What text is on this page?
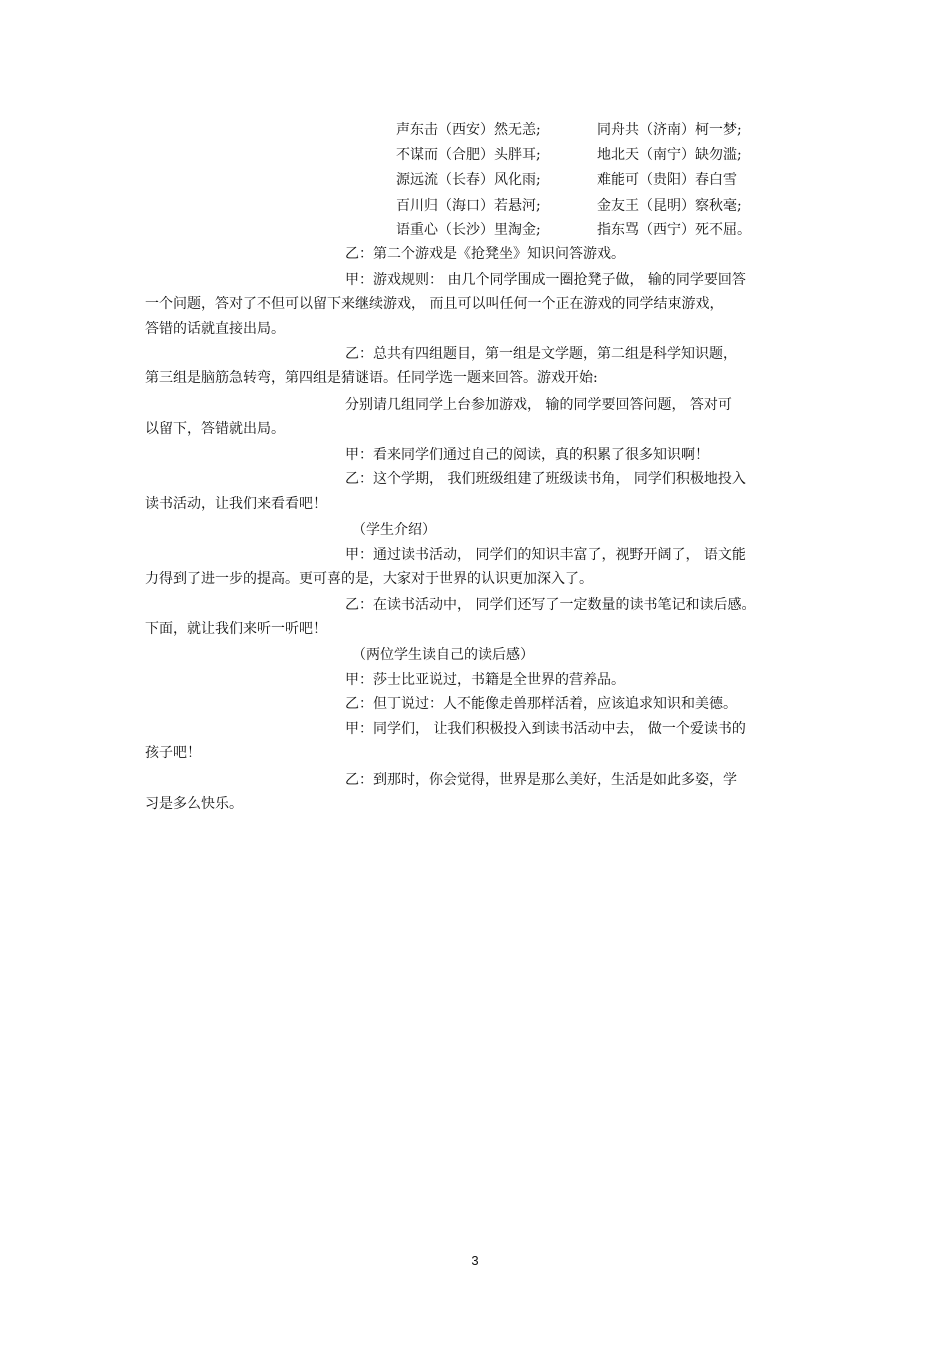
声东击（西安）然无恙;	同舟共（济南）柯一梦;
不谋而（合肥）头胖耳;	地北天（南宁）缺勿滥;
源远流（长春）风化雨;	难能可（贵阳）春白雪
百川归（海口）若悬河;	金友王（昆明）察秋毫;
语重心（长沙）里淘金;	指东骂（西宁）死不屈。
乙：第二个游戏是《抢凳坐》知识问答游戏。
甲：游戏规则： 由几个同学围成一圈抢凳子做， 输的同学要回答
一个问题，答对了不但可以留下来继续游戏， 而且可以叫任何一个正在游戏的同学结束游戏，
答错的话就直接出局。
乙：总共有四组题目，第一组是文学题，第二组是科学知识题，
第三组是脑筋急转弯，第四组是猜谜语。任同学选一题来回答。游戏开始:
分别请几组同学上台参加游戏， 输的同学要回答问题， 答对可
以留下，答错就出局。
甲：看来同学们通过自己的阅读，真的积累了很多知识啊！
乙：这个学期， 我们班级组建了班级读书角， 同学们积极地投入
读书活动，让我们来看看吧！
（学生介绍）
甲：通过读书活动， 同学们的知识丰富了，视野开阔了， 语文能
力得到了进一步的提高。更可喜的是，大家对于世界的认识更加深入了。
乙：在读书活动中， 同学们还写了一定数量的读书笔记和读后感。
下面，就让我们来听一听吧！
（两位学生读自己的读后感）
甲：莎士比亚说过，书籍是全世界的营养品。
乙：但丁说过：人不能像走兽那样活着，应该追求知识和美德。
甲：同学们， 让我们积极投入到读书活动中去， 做一个爱读书的
孩子吧！
乙：到那时，你会觉得，世界是那么美好，生活是如此多姿，学
习是多么快乐。
3
